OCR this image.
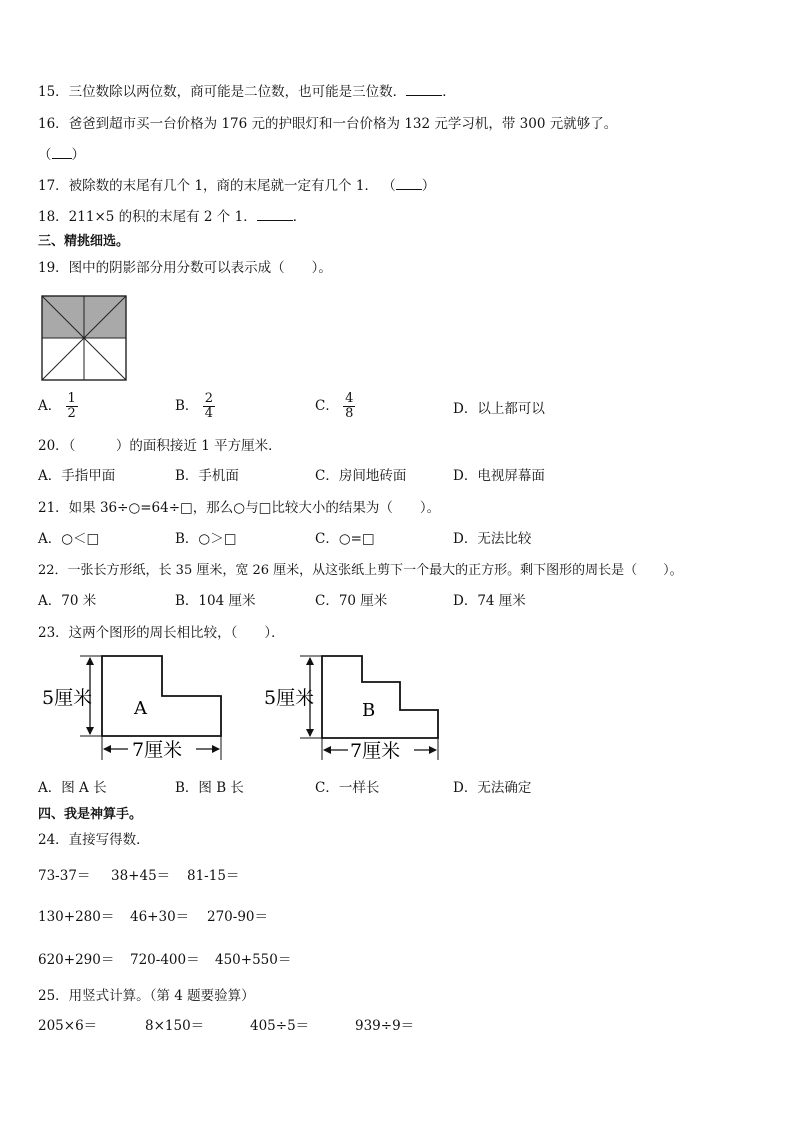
15．三位数除以两位数，商可能是二位数，也可能是三位数．	．
16．爸爸到超市买一台价格为 176 元的护眼灯和一台价格为 132 元学习机，带 300 元就够了。
（ ）
17．被除数的末尾有几个 1，商的末尾就一定有几个 1． （ ）
18．211×5 的积的末尾有 2 个 1．	．
三、精挑细选。
19．图中的阴影部分用分数可以表示成（　　）。
A． $\frac{1}{2}$	B． $\frac{2}{4}$	C． $\frac{4}{8}$	D．以上都可以
20．（　　　）的面积接近 1 平方厘米．
A．手指甲面	B．手机面	C．房间地砖面	D．电视屏幕面
21．如果 36÷○=64÷□，那么○与□比较大小的结果为（　　）。
A．○＜□	B．○＞□	C．○=□	D．无法比较
22．一张长方形纸，长 35 厘米，宽 26 厘米，从这张纸上剪下一个最大的正方形。剩下图形的周长是（　　）。
A．70 米	B．104 厘米	C．70 厘米	D．74 厘米
23．这两个图形的周长相比较，（　　）．
5厘米
7厘米
A	5厘米
7厘米
B
A．图 A 长	B．图 B 长	C．一样长	D．无法确定
四、我是神算手。
24．直接写得数．
73-37＝ 38+45＝ 81-15＝
130+280＝ 46+30＝ 270-90＝
620+290＝ 720-400＝ 450+550＝
25．用竖式计算。（第 4 题要验算）
205×6＝	8×150＝	405÷5＝	939÷9＝
